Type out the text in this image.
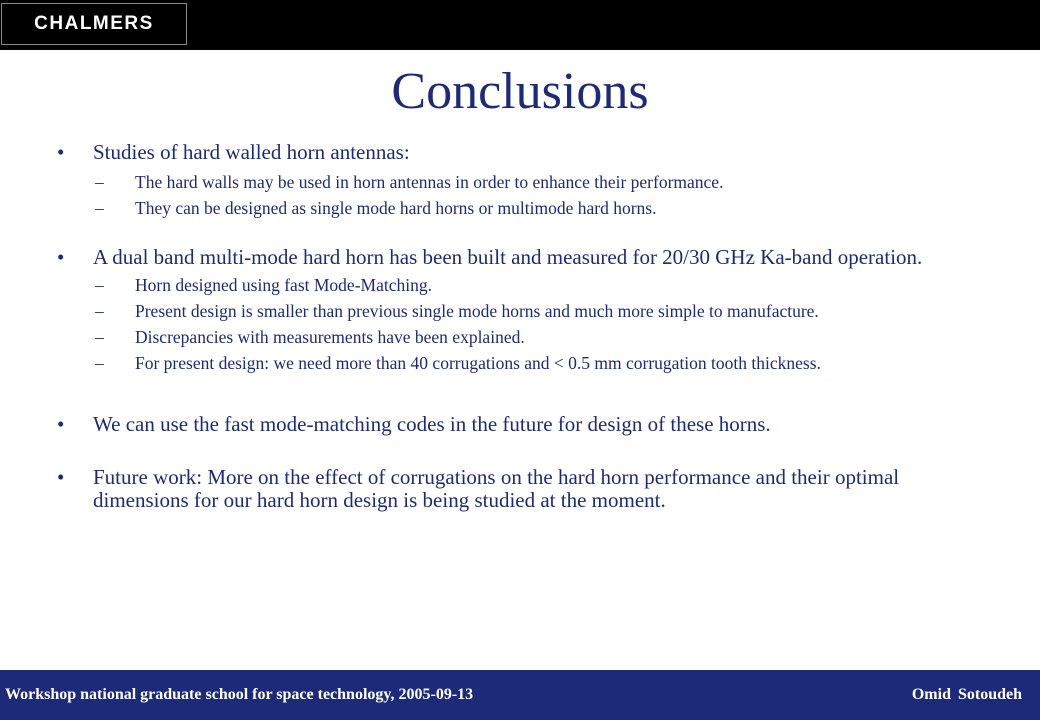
CHALMERS
Conclusions
•	Studies of hard walled horn antennas:
– The hard walls may be used in horn antennas in order to enhance their performance.
– They can be designed as single mode hard horns or multimode hard horns.
•	A dual band multi-mode hard horn has been built and measured for 20/30 GHz Ka-band operation.
– Horn designed using fast Mode-Matching.
– Present design is smaller than previous single mode horns and much more simple to manufacture.
– Discrepancies with measurements have been explained.
– For present design: we need more than 40 corrugations and < 0.5 mm corrugation tooth thickness.
•	We can use the fast mode-matching codes in the future for design of these horns.
•	Future work: More on the effect of corrugations on the hard horn performance and their optimal dimensions for our hard horn design is being studied at the moment.
Workshop national graduate school for space technology, 2005-09-13	Omid Sotoudeh
